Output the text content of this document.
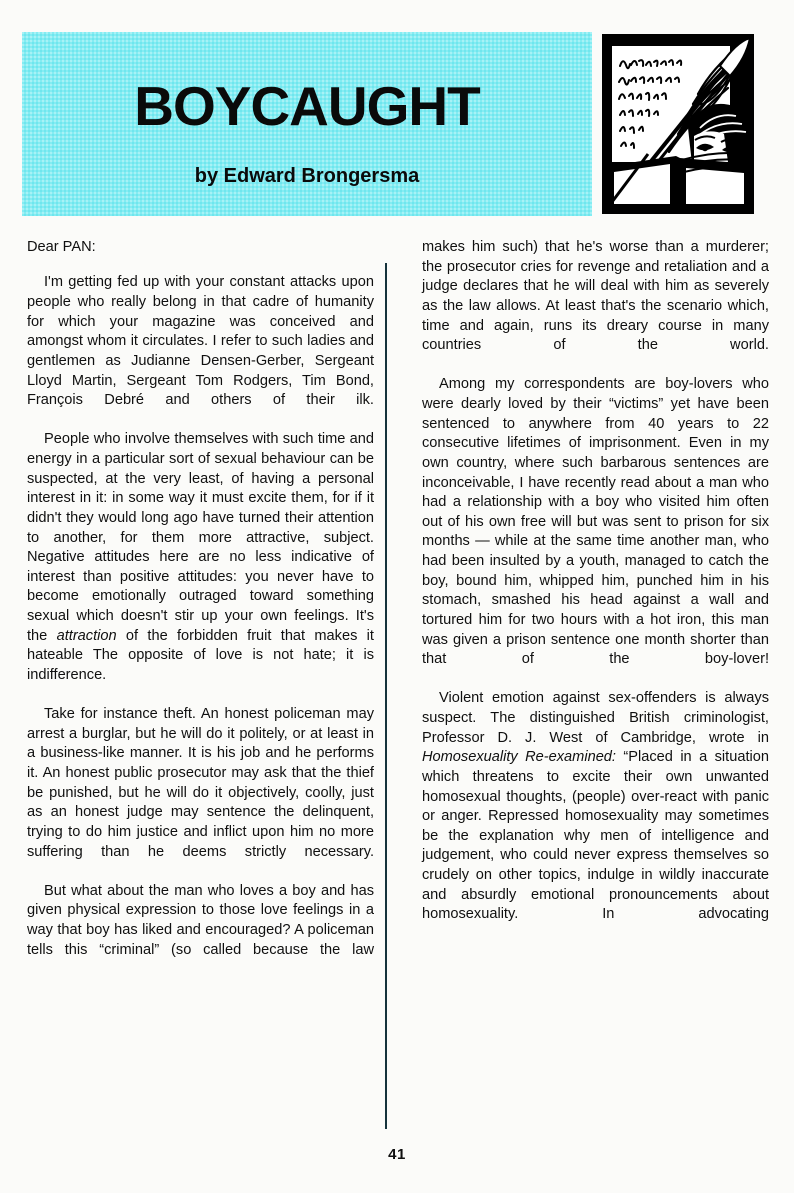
BOYCAUGHT
by Edward Brongersma
Dear PAN:

I'm getting fed up with your constant attacks upon people who really belong in that cadre of humanity for which your magazine was conceived and amongst whom it circulates. I refer to such ladies and gentlemen as Judianne Densen-Gerber, Sergeant Lloyd Martin, Sergeant Tom Rodgers, Tim Bond, François Debré and others of their ilk.

People who involve themselves with such time and energy in a particular sort of sexual behaviour can be suspected, at the very least, of having a personal interest in it: in some way it must excite them, for if it didn't they would long ago have turned their attention to another, for them more attractive, subject. Negative attitudes here are no less indicative of interest than positive attitudes: you never have to become emotionally outraged toward something sexual which doesn't stir up your own feelings. It's the attraction of the forbidden fruit that makes it hateable The opposite of love is not hate; it is indifference.

Take for instance theft. An honest policeman may arrest a burglar, but he will do it politely, or at least in a business-like manner. It is his job and he performs it. An honest public prosecutor may ask that the thief be punished, but he will do it objectively, coolly, just as an honest judge may sentence the delinquent, trying to do him justice and inflict upon him no more suffering than he deems strictly necessary.

But what about the man who loves a boy and has given physical expression to those love feelings in a way that boy has liked and encouraged? A policeman tells this “criminal” (so called because the law

makes him such) that he's worse than a murderer; the prosecutor cries for revenge and retaliation and a judge declares that he will deal with him as severely as the law allows. At least that's the scenario which, time and again, runs its dreary course in many countries of the world.

Among my correspondents are boy-lovers who were dearly loved by their “victims” yet have been sentenced to anywhere from 40 years to 22 consecutive lifetimes of imprisonment. Even in my own country, where such barbarous sentences are inconceivable, I have recently read about a man who had a relationship with a boy who visited him often out of his own free will but was sent to prison for six months — while at the same time another man, who had been insulted by a youth, managed to catch the boy, bound him, whipped him, punched him in his stomach, smashed his head against a wall and tortured him for two hours with a hot iron, this man was given a prison sentence one month shorter than that of the boy-lover!

Violent emotion against sex-offenders is always suspect. The distinguished British criminologist, Professor D. J. West of Cambridge, wrote in Homosexuality Re-examined: “Placed in a situation which threatens to excite their own unwanted homosexual thoughts, (people) over-react with panic or anger. Repressed homosexuality may sometimes be the explanation why men of intelligence and judgement, who could never express themselves so crudely on other topics, indulge in wildly inaccurate and absurdly emotional pronouncements about homosexuality. In advocating

41
